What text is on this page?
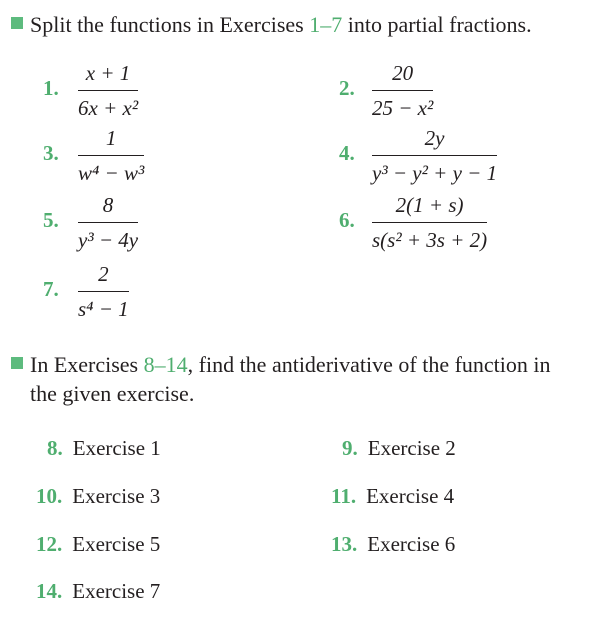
Split the functions in Exercises 1–7 into partial fractions.
1.
x + 1
6x + x²
2.
20
25 − x²
3.
1
w⁴ − w³
4.
2y
y³ − y² + y − 1
5.
8
y³ − 4y
6.
2(1 + s)
s(s² + 3s + 2)
7.
2
s⁴ − 1
In Exercises 8–14, find the antiderivative of the function in
the given exercise.
8. Exercise 1	9. Exercise 2
10. Exercise 3	11. Exercise 4
12. Exercise 5	13. Exercise 6
14. Exercise 7
